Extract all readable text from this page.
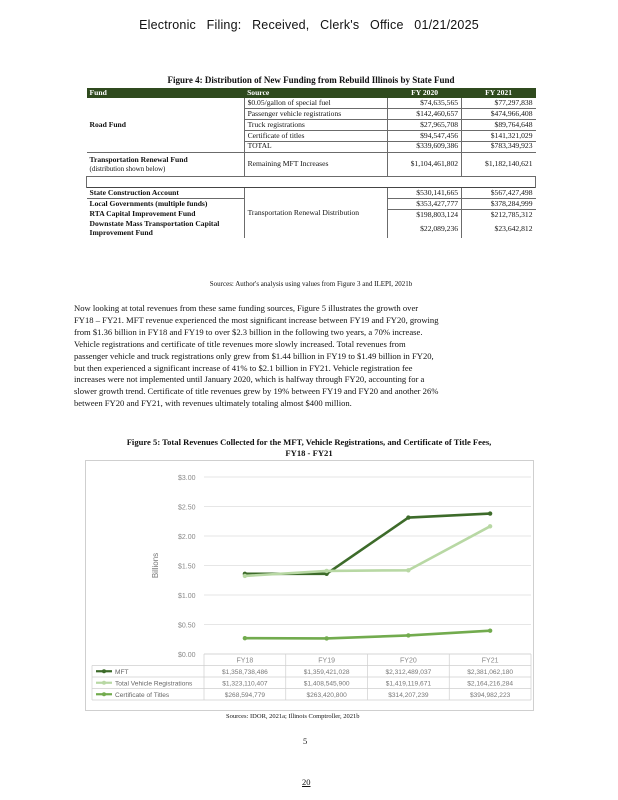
Electronic Filing: Received, Clerk's Office 01/21/2025
Figure 4: Distribution of New Funding from Rebuild Illinois by State Fund
Fund	Source	FY 2020	FY 2021
Road Fund	$0.05/gallon of special fuel	$74,635,565	$77,297,838
	Passenger vehicle registrations	$142,460,657	$474,966,408
	Truck registrations	$27,965,708	$89,764,648
	Certificate of titles	$94,547,456	$141,321,029
	TOTAL	$339,609,386	$783,349,923

Transportation Renewal Fund
(distribution shown below)	Remaining MFT Increases	$1,104,461,802	$1,182,140,621

State Construction Account	Transportation Renewal Distribution	$530,141,665	$567,427,498
Local Governments (multiple funds)		$353,427,777	$378,284,999
RTA Capital Improvement Fund		$198,803,124	$212,785,312
Downstate Mass Transportation Capital Improvement Fund		$22,089,236	$23,642,812
Sources: Author's analysis using values from Figure 3 and ILEPI, 2021b
Now looking at total revenues from these same funding sources, Figure 5 illustrates the growth over
FY18 – FY21. MFT revenue experienced the most significant increase between FY19 and FY20, growing
from $1.36 billion in FY18 and FY19 to over $2.3 billion in the following two years, a 70% increase.
Vehicle registrations and certificate of title revenues more slowly increased. Total revenues from
passenger vehicle and truck registrations only grew from $1.44 billion in FY19 to $1.49 billion in FY20,
but then experienced a significant increase of 41% to $2.1 billion in FY21. Vehicle registration fee
increases were not implemented until January 2020, which is halfway through FY20, accounting for a
slower growth trend. Certificate of title revenues grew by 19% between FY19 and FY20 and another 26%
between FY20 and FY21, with revenues ultimately totaling almost $400 million.
Figure 5: Total Revenues Collected for the MFT, Vehicle Registrations, and Certificate of Title Fees,
FY18 - FY21
Billions
$0.00
$0.50
$1.00
$1.50
$2.00
$2.50
$3.00
FY18	FY19	FY20	FY21
MFT	$1,358,738,486	$1,359,421,028	$2,312,489,037	$2,381,062,180
Total Vehicle Registrations	$1,323,110,407	$1,408,545,900	$1,419,119,671	$2,164,216,284
Certificate of Titles	$268,594,779	$263,420,800	$314,207,239	$394,982,223
Sources: IDOR, 2021a; Illinois Comptroller, 2021b
5
20
